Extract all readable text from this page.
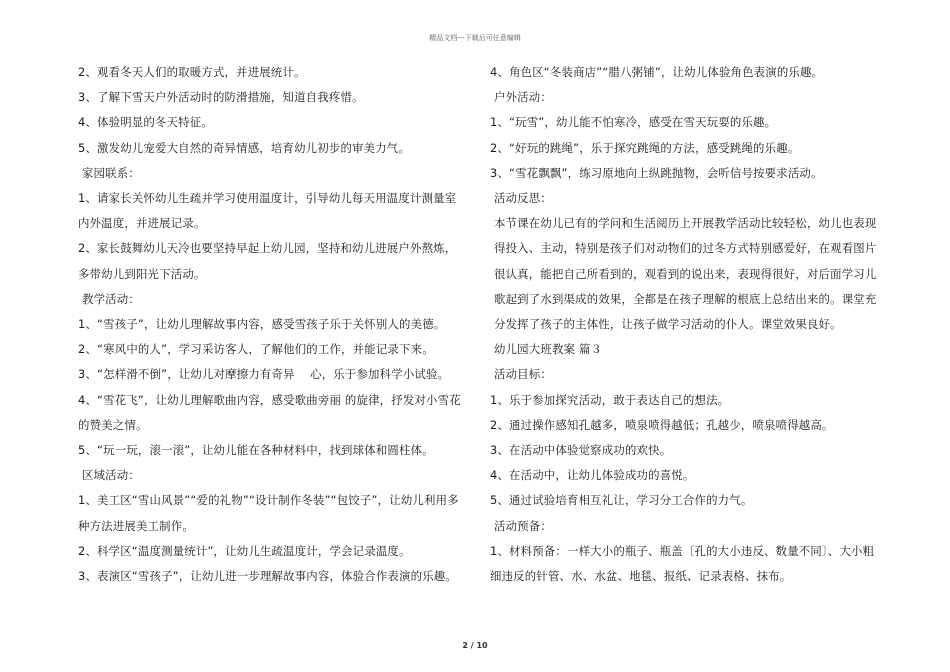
精品文档---下载后可任意编辑
2、观看冬天人们的取暖方式，并进展统计。
3、了解下雪天户外活动时的防滑措施，知道自我疼惜。
4、体验明显的冬天特征。
5、激发幼儿宠爱大自然的奇异情感，培育幼儿初步的审美力气。
家园联系：
1、请家长关怀幼儿生疏并学习使用温度计，引导幼儿每天用温度计测量室内外温度，并进展记录。
2、家长鼓舞幼儿天冷也要坚持早起上幼儿园，坚持和幼儿进展户外熬炼，多带幼儿到阳光下活动。
教学活动：
1、“雪孩子”，让幼儿理解故事内容，感受雪孩子乐于关怀别人的美德。
2、“寒风中的人”，学习采访客人，了解他们的工作，并能记录下来。
3、“怎样滑不倒”，让幼儿对摩擦力有奇异　 心，乐于参加科学小试验。
4、“雪花飞”，让幼儿理解歌曲内容，感受歌曲旁丽 的旋律，抒发对小雪花的赞美之情。
5、“玩一玩，滚一滚”，让幼儿能在各种材料中，找到球体和圆柱体。
区域活动：
1、美工区“雪山风景”“爱的礼物”“设计制作冬装”“包饺子”，让幼儿利用多种方法进展美工制作。
2、科学区“温度测量统计”，让幼儿生疏温度计，学会记录温度。
3、表演区“雪孩子”，让幼儿进一步理解故事内容，体验合作表演的乐趣。
4、角色区“冬装商店”“腊八粥铺”，让幼儿体验角色表演的乐趣。
户外活动：
1、“玩雪”，幼儿能不怕寒冷，感受在雪天玩耍的乐趣。
2、“好玩的跳绳”，乐于探究跳绳的方法，感受跳绳的乐趣。
3、“雪花飘飘”，练习原地向上纵跳抛物，会听信号按要求活动。
活动反思：
本节课在幼儿已有的学问和生活阅历上开展教学活动比较轻松，幼儿也表现得投入、主动，特别是孩子们对动物们的过冬方式特别感爱好，在观看图片很认真，能把自己所看到的，观看到的说出来，表现得很好，对后面学习儿歌起到了水到渠成的效果，全都是在孩子理解的根底上总结出来的。课堂充分发挥了孩子的主体性，让孩子做学习活动的仆人。课堂效果良好。
幼儿园大班教案 篇３
活动目标：
1、乐于参加探究活动，敢于表达自己的想法。
2、通过操作感知孔越多，喷泉喷得越低；孔越少，喷泉喷得越高。
3、在活动中体验觉察成功的欢快。
4、在活动中，让幼儿体验成功的喜悦。
5、通过试验培育相互礼让，学习分工合作的力气。
活动预备：
1、材料预备：一样大小的瓶子、瓶盖〔孔的大小违反、数量不同〕、大小粗细违反的针管、水、水盆、地毯、报纸、记录表格、抹布。
2 / 10
